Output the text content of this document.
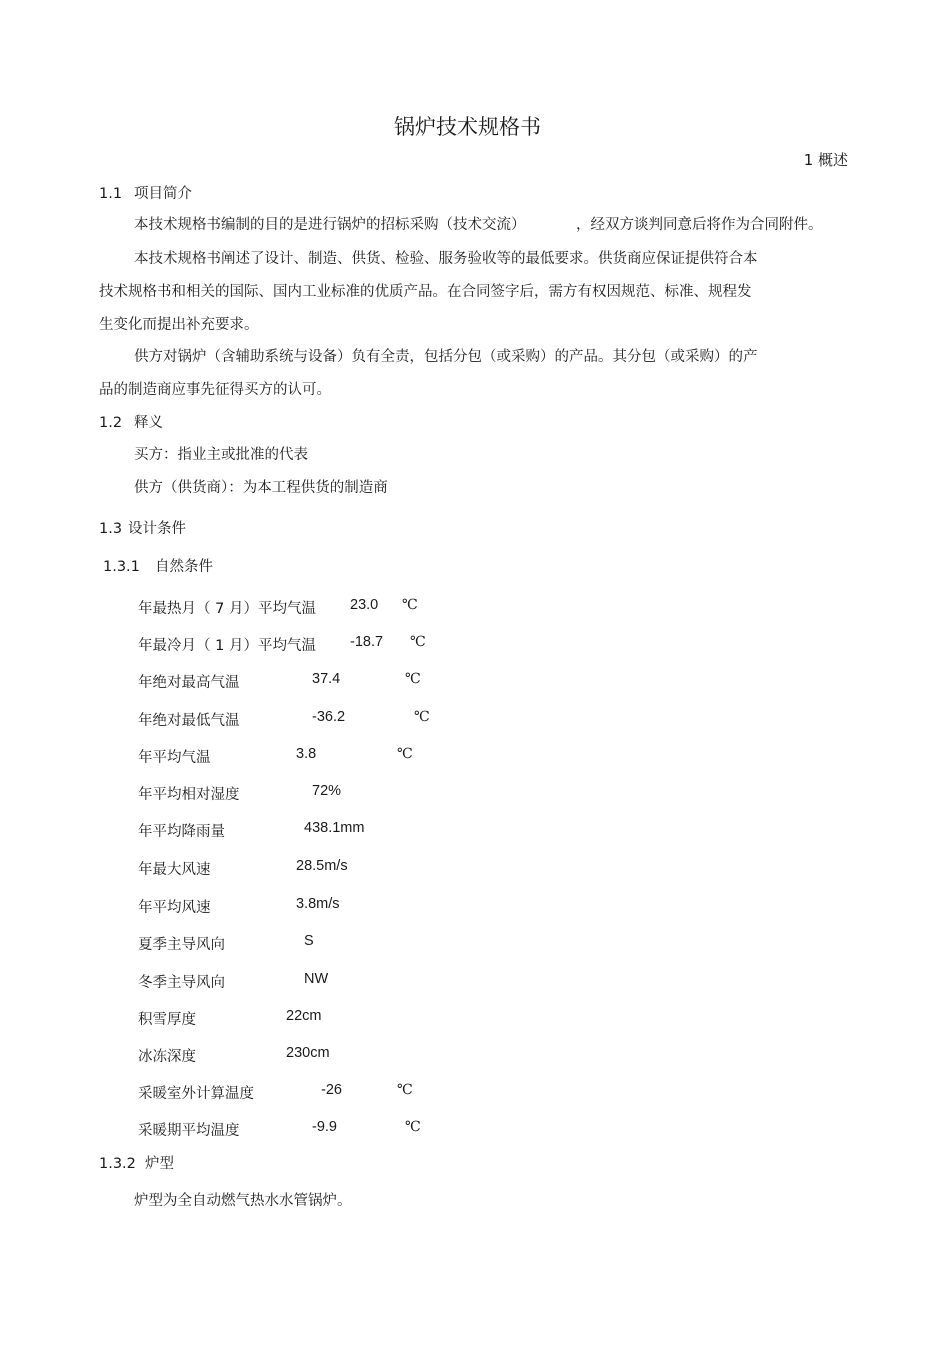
锅炉技术规格书
1 概述
1.1 项目简介
本技术规格书编制的目的是进行锅炉的招标采购（技术交流）	，经双方谈判同意后将作为合同附件。
本技术规格书阐述了设计、制造、供货、检验、服务验收等的最低要求。供货商应保证提供符合本
技术规格书和相关的国际、国内工业标准的优质产品。在合同签字后，需方有权因规范、标准、规程发
生变化而提出补充要求。
供方对锅炉（含辅助系统与设备）负有全责，包括分包（或采购）的产品。其分包（或采购）的产
品的制造商应事先征得买方的认可。
1.2 释义
买方：指业主或批准的代表
供方（供货商）：为本工程供货的制造商
1.3 设计条件
1.3.1 自然条件
年最热月（ 7 月）平均气温 23.0 ℃
年最冷月（ 1 月）平均气温 -18.7 ℃
年绝对最高气温	37.4	℃
年绝对最低气温	-36.2	℃
年平均气温	3.8	℃
年平均相对湿度	72%
年平均降雨量	438.1mm
年最大风速	28.5m/s
年平均风速	3.8m/s
夏季主导风向	S
冬季主导风向	NW
积雪厚度	22cm
冰冻深度	230cm
采暖室外计算温度	-26	℃
采暖期平均温度	-9.9	℃
1.3.2 炉型
炉型为全自动燃气热水水管锅炉。
